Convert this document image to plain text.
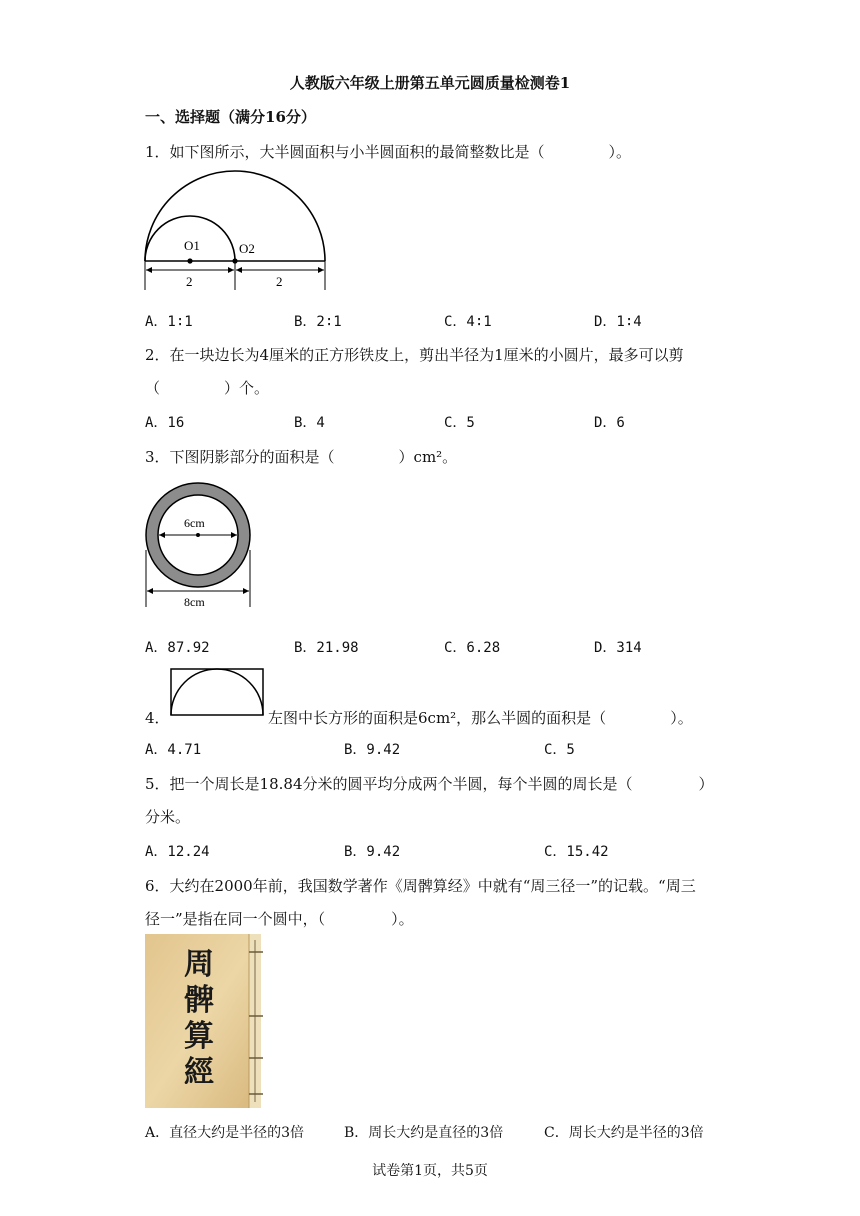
人教版六年级上册第五单元圆质量检测卷1
一、选择题（满分16分）
1．如下图所示，大半圆面积与小半圆面积的最简整数比是（	）。
O1	O2
2	2
A．1∶1	B．2∶1	C．4∶1	D．1∶4
2．在一块边长为4厘米的正方形铁皮上，剪出半径为1厘米的小圆片，最多可以剪
（	）个。
A．16	B．4	C．5	D．6
3．下图阴影部分的面积是（	）cm²。
6cm
8cm
A．87.92	B．21.98	C．6.28	D．314
4．	左图中长方形的面积是6cm²，那么半圆的面积是（	）。
A．4.71	B．9.42	C．5
5．把一个周长是18.84分米的圆平均分成两个半圆，每个半圆的周长是（	）
分米。
A．12.24	B．9.42	C．15.42
6．大约在2000年前，我国数学著作《周髀算经》中就有“周三径一”的记载。“周三
径一”是指在同一个圆中，（	）。
周
髀
算
經
A．直径大约是半径的3倍	B．周长大约是直径的3倍	C．周长大约是半径的3倍
试卷第1页，共5页
